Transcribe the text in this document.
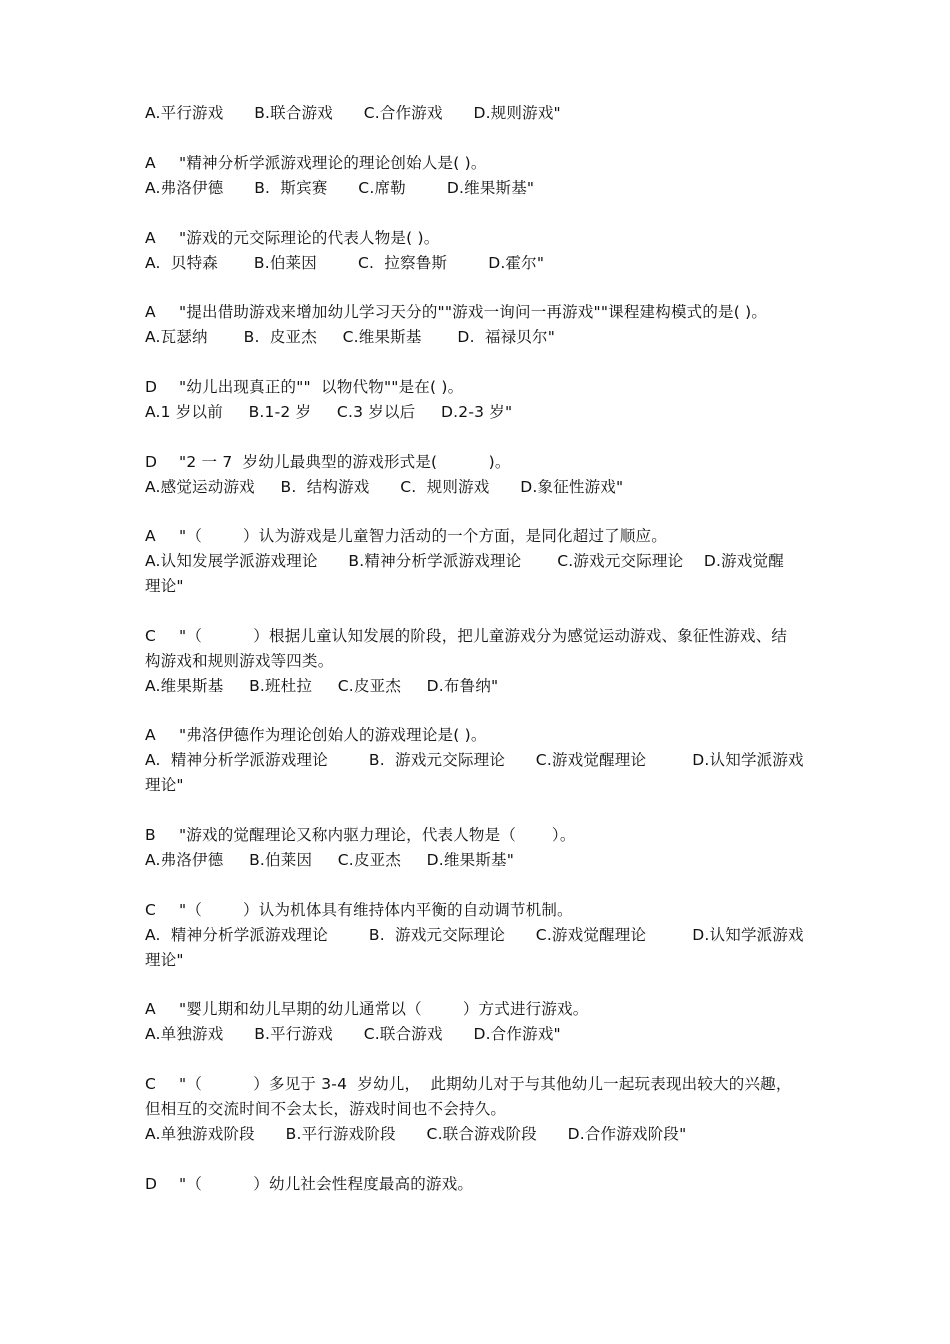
A.平行游戏      B.联合游戏      C.合作游戏      D.规则游戏"
A "精神分析学派游戏理论的理论创始人是( )。
A.弗洛伊德      B.  斯宾赛      C.席勒        D.维果斯基"
A "游戏的元交际理论的代表人物是( )。
A.  贝特森       B.伯莱因        C.  拉察鲁斯        D.霍尔"
A "提出借助游戏来增加幼儿学习天分的""游戏一询问一再游戏""课程建构模式的是( )。
A.瓦瑟纳       B.  皮亚杰     C.维果斯基       D.  福禄贝尔"
D "幼儿出现真正的""  以物代物""是在( )。
A.1 岁以前     B.1-2 岁     C.3 岁以后     D.2-3 岁"
D "2 一 7  岁幼儿最典型的游戏形式是(          )。
A.感觉运动游戏     B.  结构游戏      C.  规则游戏      D.象征性游戏"
A "（        ）认为游戏是儿童智力活动的一个方面，是同化超过了顺应。
A.认知发展学派游戏理论      B.精神分析学派游戏理论       C.游戏元交际理论    D.游戏觉醒
理论"
C "（          ）根据儿童认知发展的阶段，把儿童游戏分为感觉运动游戏、象征性游戏、结
构游戏和规则游戏等四类。
A.维果斯基     B.班杜拉     C.皮亚杰     D.布鲁纳"
A "弗洛伊德作为理论创始人的游戏理论是( )。
A.  精神分析学派游戏理论        B.  游戏元交际理论      C.游戏觉醒理论         D.认知学派游戏
理论"
B "游戏的觉醒理论又称内驱力理论，代表人物是（       ）。
A.弗洛伊德     B.伯莱因     C.皮亚杰     D.维果斯基"
C "（        ）认为机体具有维持体内平衡的自动调节机制。
A.  精神分析学派游戏理论        B.  游戏元交际理论      C.游戏觉醒理论         D.认知学派游戏
理论"
A "婴儿期和幼儿早期的幼儿通常以（        ）方式进行游戏。
A.单独游戏      B.平行游戏      C.联合游戏      D.合作游戏"
C "（          ）多见于 3-4  岁幼儿，  此期幼儿对于与其他幼儿一起玩表现出较大的兴趣，
但相互的交流时间不会太长，游戏时间也不会持久。
A.单独游戏阶段      B.平行游戏阶段      C.联合游戏阶段      D.合作游戏阶段"
D "（          ）幼儿社会性程度最高的游戏。
